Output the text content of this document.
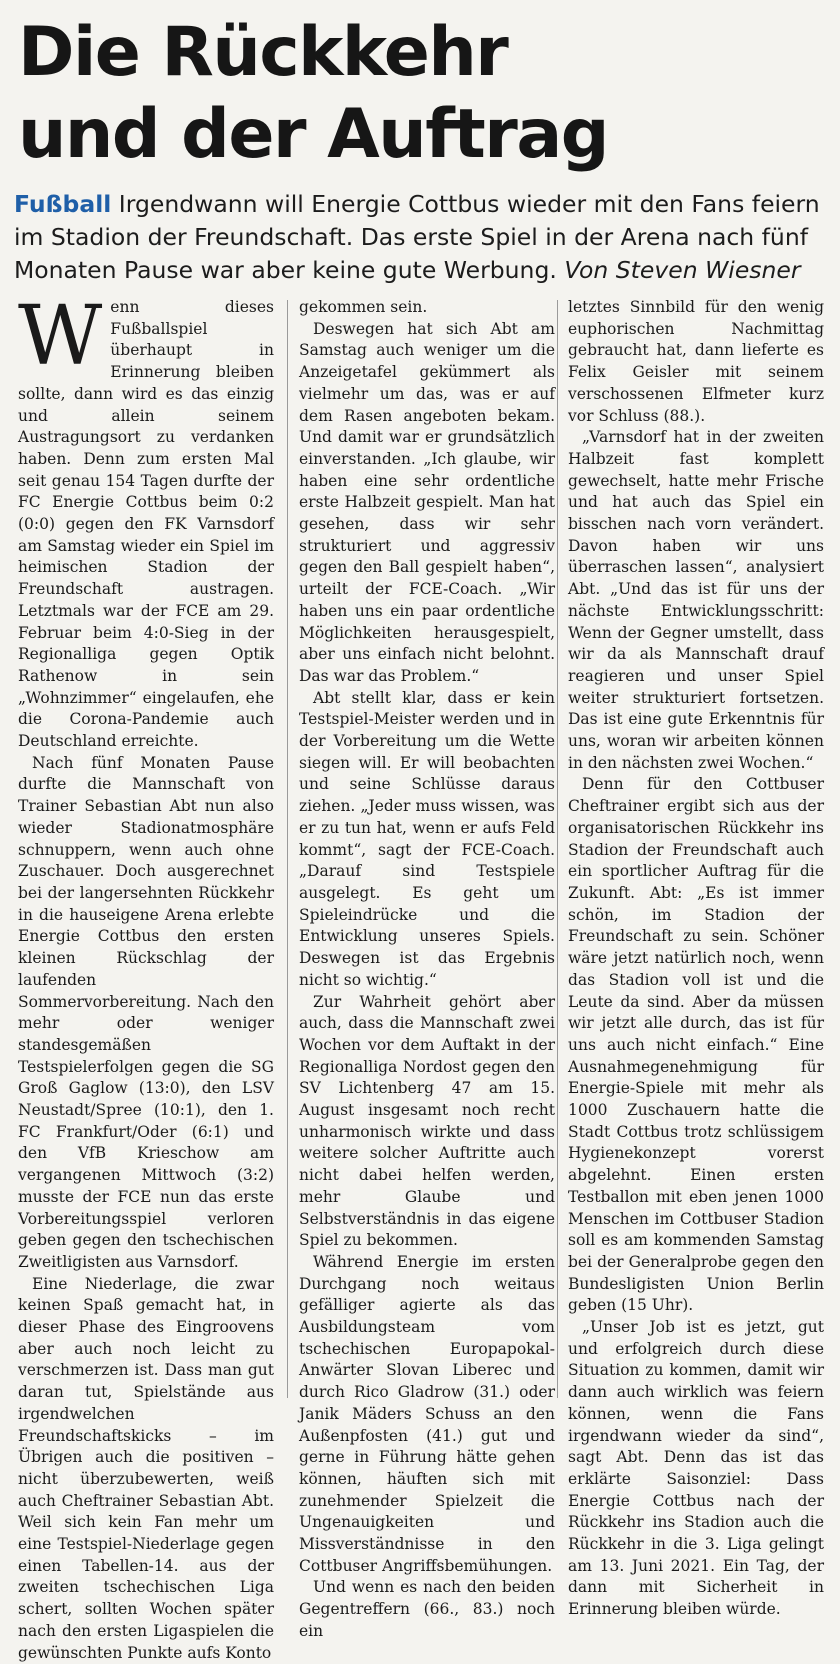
Die Rückkehr
und der Auftrag

Fußball Irgendwann will Energie Cottbus wieder mit den Fans feiern im Stadion der Freundschaft. Das erste Spiel in der Arena nach fünf Monaten Pause war aber keine gute Werbung. Von Steven Wiesner

Wenn dieses Fußballspiel überhaupt in Erinnerung bleiben sollte, dann wird es das einzig und allein seinem Austragungsort zu verdanken haben. Denn zum ersten Mal seit genau 154 Tagen durfte der FC Energie Cottbus beim 0:2 (0:0) gegen den FK Varnsdorf am Samstag wieder ein Spiel im heimischen Stadion der Freundschaft austragen. Letztmals war der FCE am 29. Februar beim 4:0-Sieg in der Regionalliga gegen Optik Rathenow in sein „Wohnzimmer“ eingelaufen, ehe die Corona-Pandemie auch Deutschland erreichte.

Nach fünf Monaten Pause durfte die Mannschaft von Trainer Sebastian Abt nun also wieder Stadionatmosphäre schnuppern, wenn auch ohne Zuschauer. Doch ausgerechnet bei der langersehnten Rückkehr in die hauseigene Arena erlebte Energie Cottbus den ersten kleinen Rückschlag der laufenden Sommervorbereitung. Nach den mehr oder weniger standesgemäßen Testspielerfolgen gegen die SG Groß Gaglow (13:0), den LSV Neustadt/Spree (10:1), den 1. FC Frankfurt/Oder (6:1) und den VfB Krieschow am vergangenen Mittwoch (3:2) musste der FCE nun das erste Vorbereitungsspiel verloren geben gegen den tschechischen Zweitligisten aus Varnsdorf.

Eine Niederlage, die zwar keinen Spaß gemacht hat, in dieser Phase des Eingroovens aber auch noch leicht zu verschmerzen ist. Dass man gut daran tut, Spielstände aus irgendwelchen Freundschaftskicks – im Übrigen auch die positiven – nicht überzubewerten, weiß auch Cheftrainer Sebastian Abt. Weil sich kein Fan mehr um eine Testspiel-Niederlage gegen einen Tabellen-14. aus der zweiten tschechischen Liga schert, sollten Wochen später nach den ersten Ligaspielen die gewünschten Punkte aufs Konto

gekommen sein.

Deswegen hat sich Abt am Samstag auch weniger um die Anzeigetafel gekümmert als vielmehr um das, was er auf dem Rasen angeboten bekam. Und damit war er grundsätzlich einverstanden. „Ich glaube, wir haben eine sehr ordentliche erste Halbzeit gespielt. Man hat gesehen, dass wir sehr strukturiert und aggressiv gegen den Ball gespielt haben“, urteilt der FCE-Coach. „Wir haben uns ein paar ordentliche Möglichkeiten herausgespielt, aber uns einfach nicht belohnt. Das war das Problem.“

Abt stellt klar, dass er kein Testspiel-Meister werden und in der Vorbereitung um die Wette siegen will. Er will beobachten und seine Schlüsse daraus ziehen. „Jeder muss wissen, was er zu tun hat, wenn er aufs Feld kommt“, sagt der FCE-Coach. „Darauf sind Testspiele ausgelegt. Es geht um Spieleindrücke und die Entwicklung unseres Spiels. Deswegen ist das Ergebnis nicht so wichtig.“

Zur Wahrheit gehört aber auch, dass die Mannschaft zwei Wochen vor dem Auftakt in der Regionalliga Nordost gegen den SV Lichtenberg 47 am 15. August insgesamt noch recht unharmonisch wirkte und dass weitere solcher Auftritte auch nicht dabei helfen werden, mehr Glaube und Selbstverständnis in das eigene Spiel zu bekommen.

Während Energie im ersten Durchgang noch weitaus gefälliger agierte als das Ausbildungsteam vom tschechischen Europapokal-Anwärter Slovan Liberec und durch Rico Gladrow (31.) oder Janik Mäders Schuss an den Außenpfosten (41.) gut und gerne in Führung hätte gehen können, häuften sich mit zunehmender Spielzeit die Ungenauigkeiten und Missverständnisse in den Cottbuser Angriffsbemühungen.

Und wenn es nach den beiden Gegentreffern (66., 83.) noch ein

letztes Sinnbild für den wenig euphorischen Nachmittag gebraucht hat, dann lieferte es Felix Geisler mit seinem verschossenen Elfmeter kurz vor Schluss (88.).

„Varnsdorf hat in der zweiten Halbzeit fast komplett gewechselt, hatte mehr Frische und hat auch das Spiel ein bisschen nach vorn verändert. Davon haben wir uns überraschen lassen“, analysiert Abt. „Und das ist für uns der nächste Entwicklungsschritt: Wenn der Gegner umstellt, dass wir da als Mannschaft drauf reagieren und unser Spiel weiter strukturiert fortsetzen. Das ist eine gute Erkenntnis für uns, woran wir arbeiten können in den nächsten zwei Wochen.“

Denn für den Cottbuser Cheftrainer ergibt sich aus der organisatorischen Rückkehr ins Stadion der Freundschaft auch ein sportlicher Auftrag für die Zukunft. Abt: „Es ist immer schön, im Stadion der Freundschaft zu sein. Schöner wäre jetzt natürlich noch, wenn das Stadion voll ist und die Leute da sind. Aber da müssen wir jetzt alle durch, das ist für uns auch nicht einfach.“ Eine Ausnahmegenehmigung für Energie-Spiele mit mehr als 1000 Zuschauern hatte die Stadt Cottbus trotz schlüssigem Hygienekonzept vorerst abgelehnt. Einen ersten Testballon mit eben jenen 1000 Menschen im Cottbuser Stadion soll es am kommenden Samstag bei der Generalprobe gegen den Bundesligisten Union Berlin geben (15 Uhr).

„Unser Job ist es jetzt, gut und erfolgreich durch diese Situation zu kommen, damit wir dann auch wirklich was feiern können, wenn die Fans irgendwann wieder da sind“, sagt Abt. Denn das ist das erklärte Saisonziel: Dass Energie Cottbus nach der Rückkehr ins Stadion auch die Rückkehr in die 3. Liga gelingt am 13. Juni 2021. Ein Tag, der dann mit Sicherheit in Erinnerung bleiben würde.
